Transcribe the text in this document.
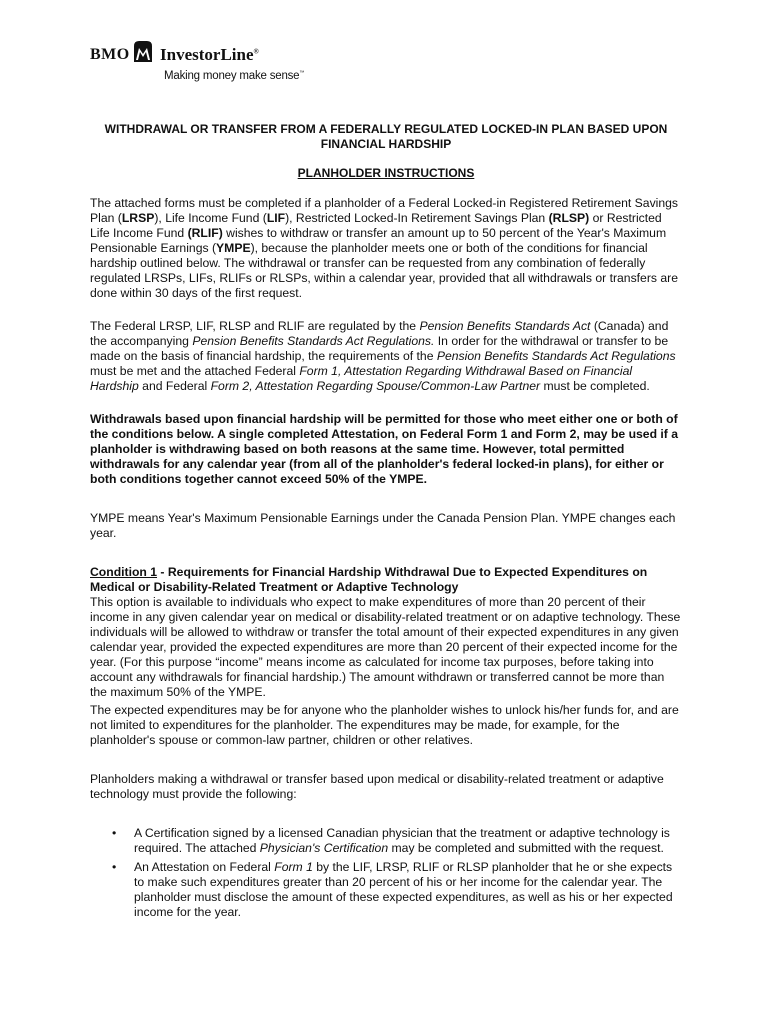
BMO InvestorLine®
Making money make sense™
WITHDRAWAL OR TRANSFER FROM A FEDERALLY REGULATED LOCKED-IN PLAN BASED UPON FINANCIAL HARDSHIP
PLANHOLDER INSTRUCTIONS

The attached forms must be completed if a planholder of a Federal Locked-in Registered Retirement Savings Plan (LRSP), Life Income Fund (LIF), Restricted Locked-In Retirement Savings Plan (RLSP) or Restricted Life Income Fund (RLIF) wishes to withdraw or transfer an amount up to 50 percent of the Year's Maximum Pensionable Earnings (YMPE), because the planholder meets one or both of the conditions for financial hardship outlined below. The withdrawal or transfer can be requested from any combination of federally regulated LRSPs, LIFs, RLIFs or RLSPs, within a calendar year, provided that all withdrawals or transfers are done within 30 days of the first request.

The Federal LRSP, LIF, RLSP and RLIF are regulated by the Pension Benefits Standards Act (Canada) and the accompanying Pension Benefits Standards Act Regulations. In order for the withdrawal or transfer to be made on the basis of financial hardship, the requirements of the Pension Benefits Standards Act Regulations must be met and the attached Federal Form 1, Attestation Regarding Withdrawal Based on Financial Hardship and Federal Form 2, Attestation Regarding Spouse/Common-Law Partner must be completed.

Withdrawals based upon financial hardship will be permitted for those who meet either one or both of the conditions below. A single completed Attestation, on Federal Form 1 and Form 2, may be used if a planholder is withdrawing based on both reasons at the same time. However, total permitted withdrawals for any calendar year (from all of the planholder's federal locked-in plans), for either or both conditions together cannot exceed 50% of the YMPE.

YMPE means Year's Maximum Pensionable Earnings under the Canada Pension Plan. YMPE changes each year.

Condition 1 - Requirements for Financial Hardship Withdrawal Due to Expected Expenditures on Medical or Disability-Related Treatment or Adaptive Technology

This option is available to individuals who expect to make expenditures of more than 20 percent of their income in any given calendar year on medical or disability-related treatment or on adaptive technology. These individuals will be allowed to withdraw or transfer the total amount of their expected expenditures in any given calendar year, provided the expected expenditures are more than 20 percent of their expected income for the year. (For this purpose “income” means income as calculated for income tax purposes, before taking into account any withdrawals for financial hardship.) The amount withdrawn or transferred cannot be more than the maximum 50% of the YMPE.

The expected expenditures may be for anyone who the planholder wishes to unlock his/her funds for, and are not limited to expenditures for the planholder. The expenditures may be made, for example, for the planholder's spouse or common-law partner, children or other relatives.

Planholders making a withdrawal or transfer based upon medical or disability-related treatment or adaptive technology must provide the following:

• A Certification signed by a licensed Canadian physician that the treatment or adaptive technology is required. The attached Physician's Certification may be completed and submitted with the request.
• An Attestation on Federal Form 1 by the LIF, LRSP, RLIF or RLSP planholder that he or she expects to make such expenditures greater than 20 percent of his or her income for the calendar year. The planholder must disclose the amount of these expected expenditures, as well as his or her expected income for the year.
